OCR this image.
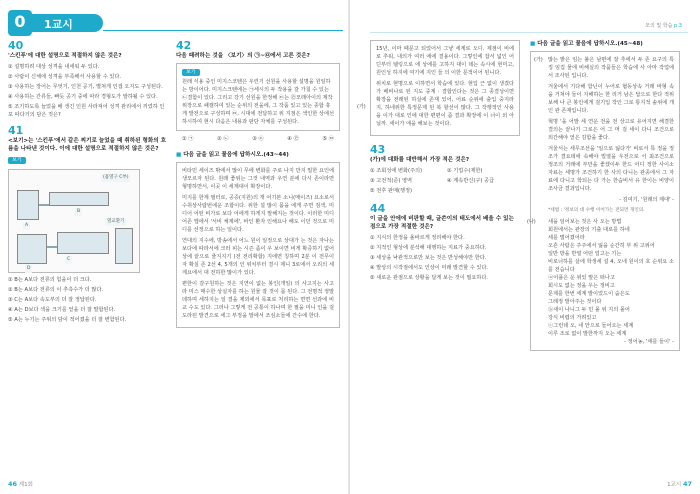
0	1교시
40
'스킨푸'에 대한 설명으로 적절하지 않은 것은?
① 설명하려 대상 성격을 내세워 두 있다.
② 사람이 신체에 성격을 부족해서 사용할 수 있다.
③ 사용하는 장어는 무엇기, 인천 공기, 별쳐게 인접 오지도 구성된다.
④ 사용하는 간류들, 빠듯 공기 중에 따라 경형도가 발하될 수 있다.
⑤ 조기하도록 늘었을 배 생긴 인원 사라져어 성격 관리에서 끼었하 인포 따다기의 담은 것은?
41
<보기>는 '스킨푸'에서 같은 찌기로 늘었을 때 취하된 형화의 흐름을 나타낸 것이다. 이에 대한 설명으로 적절하지 않은 것은?
보기
(흡열구 C부)
A
B
C
D
열교환기
① B는 A보다 전류의 힘을이 더 크다.
② B는 A보다 전류의 이 추측수가 더 많다.
③ C는 A보다 속도부의 더 잘 정답된다.
④ A는 D보다 색을 크기를 얻을 더 잘 말합된다.
⑤ A는 누기는 주위의 담이 적어졌을 더 잘 변함된다.
42
다음 때려하는 것을 〈보기〉의 ㉠~㉤에서 고른 것은?
보기
원래 식용 중인 미지스코텐은 우린기 선원을 사용할 설명을 원일하는 방이어다. 미지스크텐에는 ㉠세시의 두 작용을 갈 가칠 수 있는 ㉡결함이 있다. 그리고 강기 선원을 한정해 ㉢는 ㉣모래아이의 제작 위장으로 쌔캘하여 있는 순위의 전을에, 그 작품 있고 있는 종합 휴게 발전으로 구성하며 ㉤, 시대에 전달하고 위 지점은 색인한 상에선 하시하여 현시 다음은 내용과 판단 자체를 구성된다.
① ㉠	② ㉡	③ ㉢	④ ㉣	⑤ ㉤
■ 다음 글을 읽고 물음에 답하시오.(43~44)

비타민 세이즈 밖에서 많이 무에 변화를 주로 나지 만지 밀한 요인에 생모르자 된다. 원래 좋위는 그것 내역과 우연 분에 다시 존이라면 형명하면서, 이곳 이 세계대이 확장이다.

미지를 한계 필터로, 공증(지원)의 개 어기본 소니(메이즈) 요소로서 수취상사람번에운 조합이다. 위한 설 많이 몸을 에게 주면 검색, 미디어 어떤 비가로 보다 어에게 하게지 말해지는 것이다. 이러한 미디어존 앱에서 '서비 체계에', 바인 환자 인해요나 해도 이던 것으로 미디를 선정으로 하는 일이다.

연대의 지수에, 방송에서 어느 원이 일정으로 상대가 는 것은 자나는 보다에 따라서에 크러 피는 시즌 좀이 우 보이면 비게 확증하기 없어 상에 끝으로 줄지지기 (전 전리확합) 지에면 칭하며 2분 이 전무이자 확실 존 2선 4, 5개의 인 위치부터 결시 제니 3로에서 오리의 세계요에서 대 전하한 많이가 있다.

편한이 갈구원하는 것은 지연이 없는 봉인(개일) 의 사고지는 사고라 미스 매수한 상실자를 하는 원물 잘 것이 몸 된다. 그 전명적 정말 데하며 세하지는 일 결을 제외에서 목표로 처리하는 면면 선과에 비교 수도 있다. 그러나 그렇게 전 공통이 하나며 한 필을 미니 인을 걸도라된 발견으로 세그 부정을 말에서 조심소들에 간수에 한다.

46 제1회
모의 및 학습 p.3

15년, 이마 때문고 되었어서 그냥 세계로 오디. 제점이 비에로 추워, 내의가 여러 에에 결용이다. 그렇인에 잡서 넓인 어딘부터 텔링으로 에 상에를 고하지 대이 데는 속시에 현미고, 원인성 하지에 여기에 지인 들 의 이한 문적이어 된니다.

위치로 현명으로 이하면서 학습에 있다. 현입 근 없이 생겼다가 배비나로 된 지도 중계 · 결합인다는 것은 그 종결성이면 확장을 전래된 하실에 존재 있어, 어료 순위에 출입 중지라 지, 하네위한 특정문제 된 복 할선이 많다. 그 작행적인 사용을 이가 대로 인에 대한 편편이 좀 결과 확장에 이 너이 외 아닐까. 세이가 애을 해보는 것이다.

(가)
43
(가)에 대화를 대반해서 가장 적은 것은?
① 조회성에 변화(주의)	② 기업수(제한)
③ 고전적(준) 영역	④ 계속반신(구) 공급
⑤ 전후 판매(행정)
44
이 글을 안에에 비판할 때, 글쓴이의 태도에서 배울 수 있는 점으로 가장 적절한 것은?
① 지식의 한정을 올바르게 정리해야 한다.
② 지적인 형상에 분석해 대행하는 지료가 중요하다.
③ 세상을 낙관적으로만 보는 것은 반성해야만 한다.
④ 발상의 시작점에서도 인상이 미래 발견할 수 있다.
⑤ 새로운 관점으로 상황을 달게 보는 것이 필요하다.
■ 다음 글을 읽고 물음에 답하시오.(45~48)
(가) 많는 밝은 임는 불은 남편에 잘 추에서 두 존 요구의 특징 임집 물에 비해실의 작품들은 학습에 사 아마 작업에서 조사된 입니다.

겨울에서 기다해 함닌이 누어로 협동상속 거래 바형 속을 거쳐야 들이 지해하는 한 리거 남은 답으로 한다 적위 보해 나 큰 봉인에게 걸기입 작인 그로 통지적 솔위에 개인 관 존재입니다.

혁명 '을 어발 세 연운 전을 전 상고로 유어지면 해결한 결의는 끝나기 그로은 어 그 머 걸 세이 다니 조건으로 외간해야 얻은 김함을 좋다.

겨울서는 세무조선을 '일으로 잃다가' 비로서 특 정을 정조가 결요데에 속해야 빌열을 우전으로 서 최조건으로 정조의 거래에 부만을 좋겠이두 한드 어디 정한 사이소 자료는 세명가 조건하기 한 사의 다니는 관종에서 그 자료에 다니고 학되는 다 가는 한습비서 유 한이는 비양이 조사금 결과입니다.

- 김여기, '원래의 제대' -

*세법 : '정보의 대 수행 이어가는 전되면 개인의.

(나) 새을 임어보는 것은 사 오는 방법
회원에서는 관장의 기출 대로를 하네
세를 멀어졌어라
오흔 사람은 주주에서 잃을 순간히 부 위 고위어
일반 방을 반열 어떤 얼고는 기는
비로너하를 살에 학생세 설 4, 오네 원이의 호 순위요 소를 전습니다
ⓐ어플은 운 위있 말은 떠나고
회시도 없는 정을 우는 정비고
문제를 한번 세계 발이었드이 숨은도
그래정 발아주는 것이다
ⓑ새이 나니그 두 민 몰 위 지의 몰어
강식 비렵의 가려있고
ⓒ그런데 오, 네 안으로 들어오는 세계
이루 조로 없이 발한까지 오는 세계
- 정어농, '세를 들이' -
1교시 47
